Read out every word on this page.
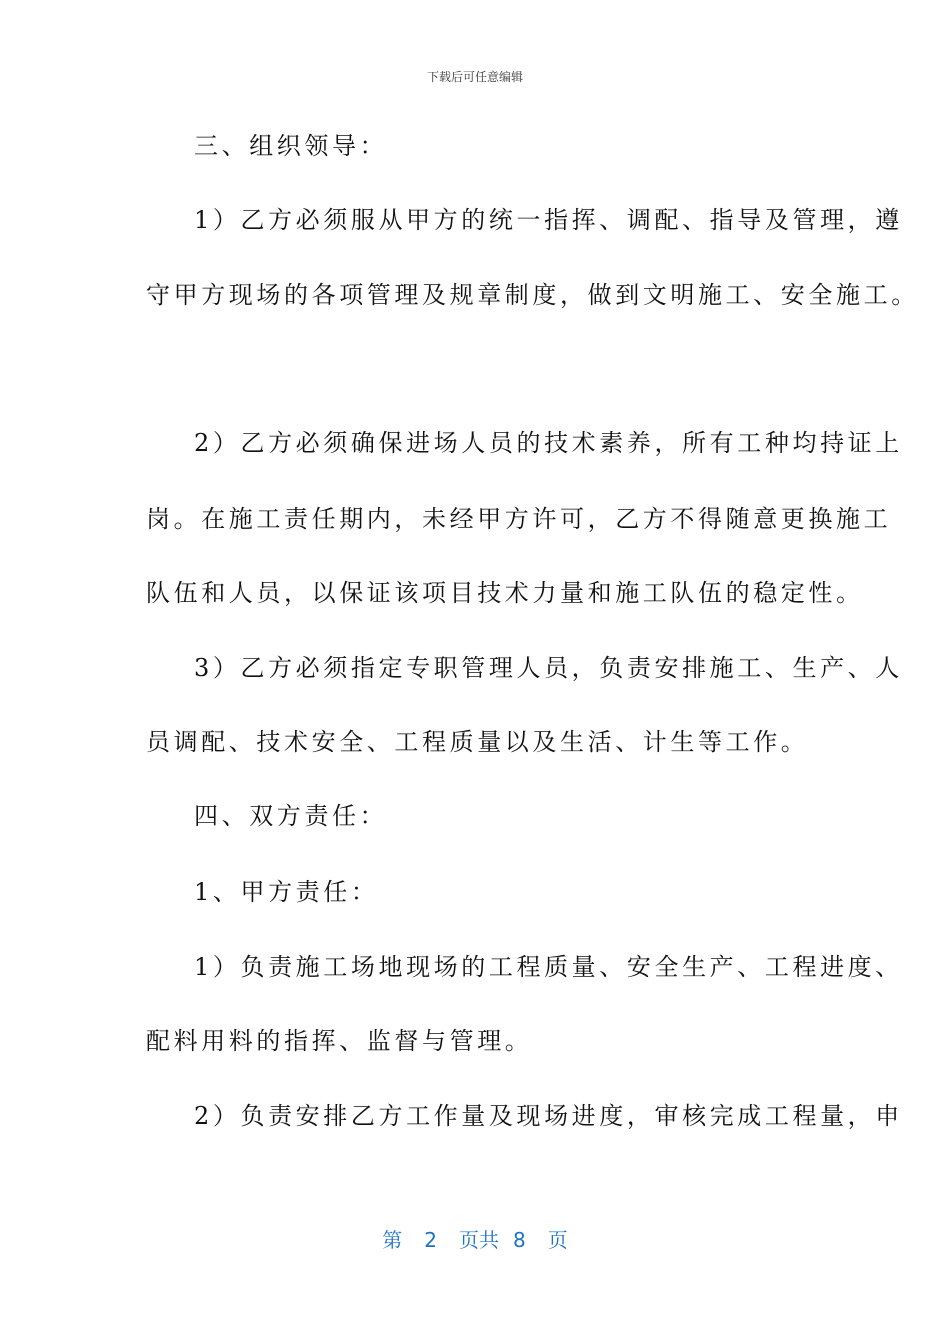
下载后可任意编辑
三、组织领导：
1）乙方必须服从甲方的统一指挥、调配、指导及管理，遵
守甲方现场的各项管理及规章制度，做到文明施工、安全施工。
2）乙方必须确保进场人员的技术素养，所有工种均持证上
岗。在施工责任期内，未经甲方许可，乙方不得随意更换施工
队伍和人员，以保证该项目技术力量和施工队伍的稳定性。
3）乙方必须指定专职管理人员，负责安排施工、生产、人
员调配、技术安全、工程质量以及生活、计生等工作。
四、双方责任：
1、甲方责任：
1）负责施工场地现场的工程质量、安全生产、工程进度、
配料用料的指挥、监督与管理。
2）负责安排乙方工作量及现场进度，审核完成工程量，申
第 2 页共 8 页
